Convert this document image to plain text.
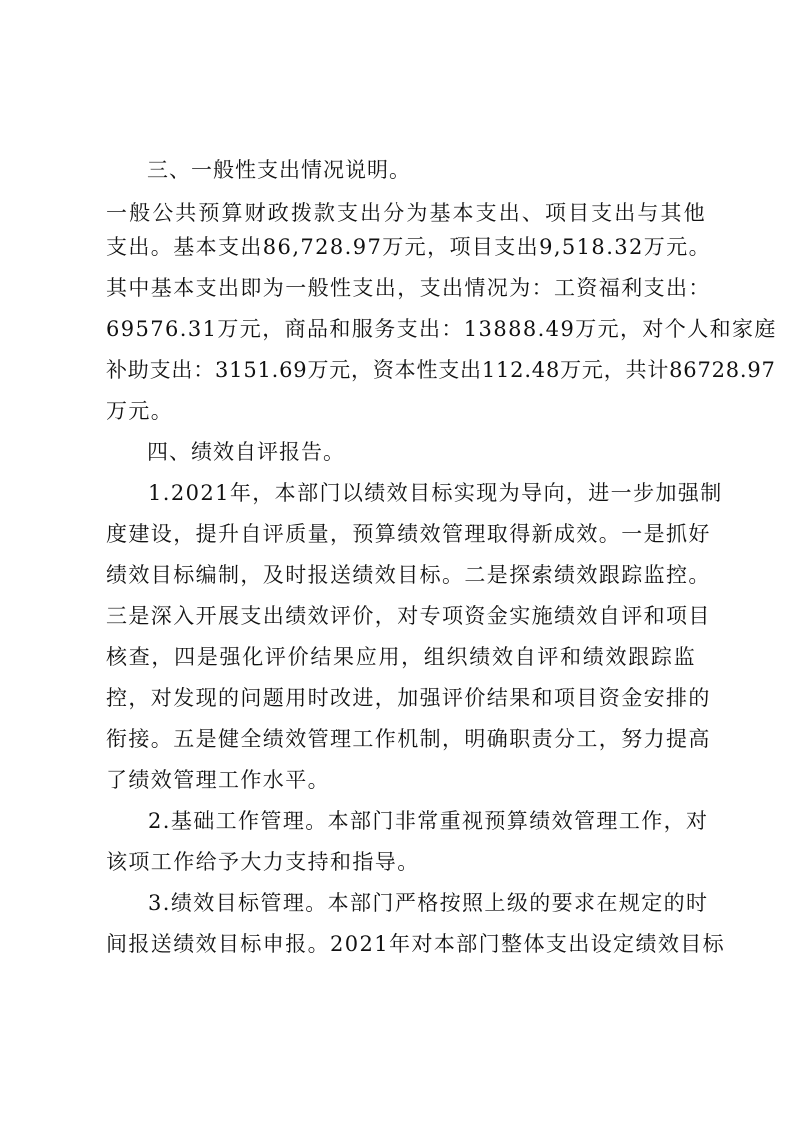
三、一般性支出情况说明。
一般公共预算财政拨款支出分为基本支出、项目支出与其他
支出。基本支出86,728.97万元，项目支出9,518.32万元。
其中基本支出即为一般性支出，支出情况为：工资福利支出：
69576.31万元，商品和服务支出：13888.49万元，对个人和家庭
补助支出：3151.69万元，资本性支出112.48万元，共计86728.97
万元。
四、绩效自评报告。
1.2021年，本部门以绩效目标实现为导向，进一步加强制
度建设，提升自评质量，预算绩效管理取得新成效。一是抓好
绩效目标编制，及时报送绩效目标。二是探索绩效跟踪监控。
三是深入开展支出绩效评价，对专项资金实施绩效自评和项目
核查，四是强化评价结果应用，组织绩效自评和绩效跟踪监
控，对发现的问题用时改进，加强评价结果和项目资金安排的
衔接。五是健全绩效管理工作机制，明确职责分工，努力提高
了绩效管理工作水平。
2.基础工作管理。本部门非常重视预算绩效管理工作，对
该项工作给予大力支持和指导。
3.绩效目标管理。本部门严格按照上级的要求在规定的时
间报送绩效目标申报。2021年对本部门整体支出设定绩效目标
